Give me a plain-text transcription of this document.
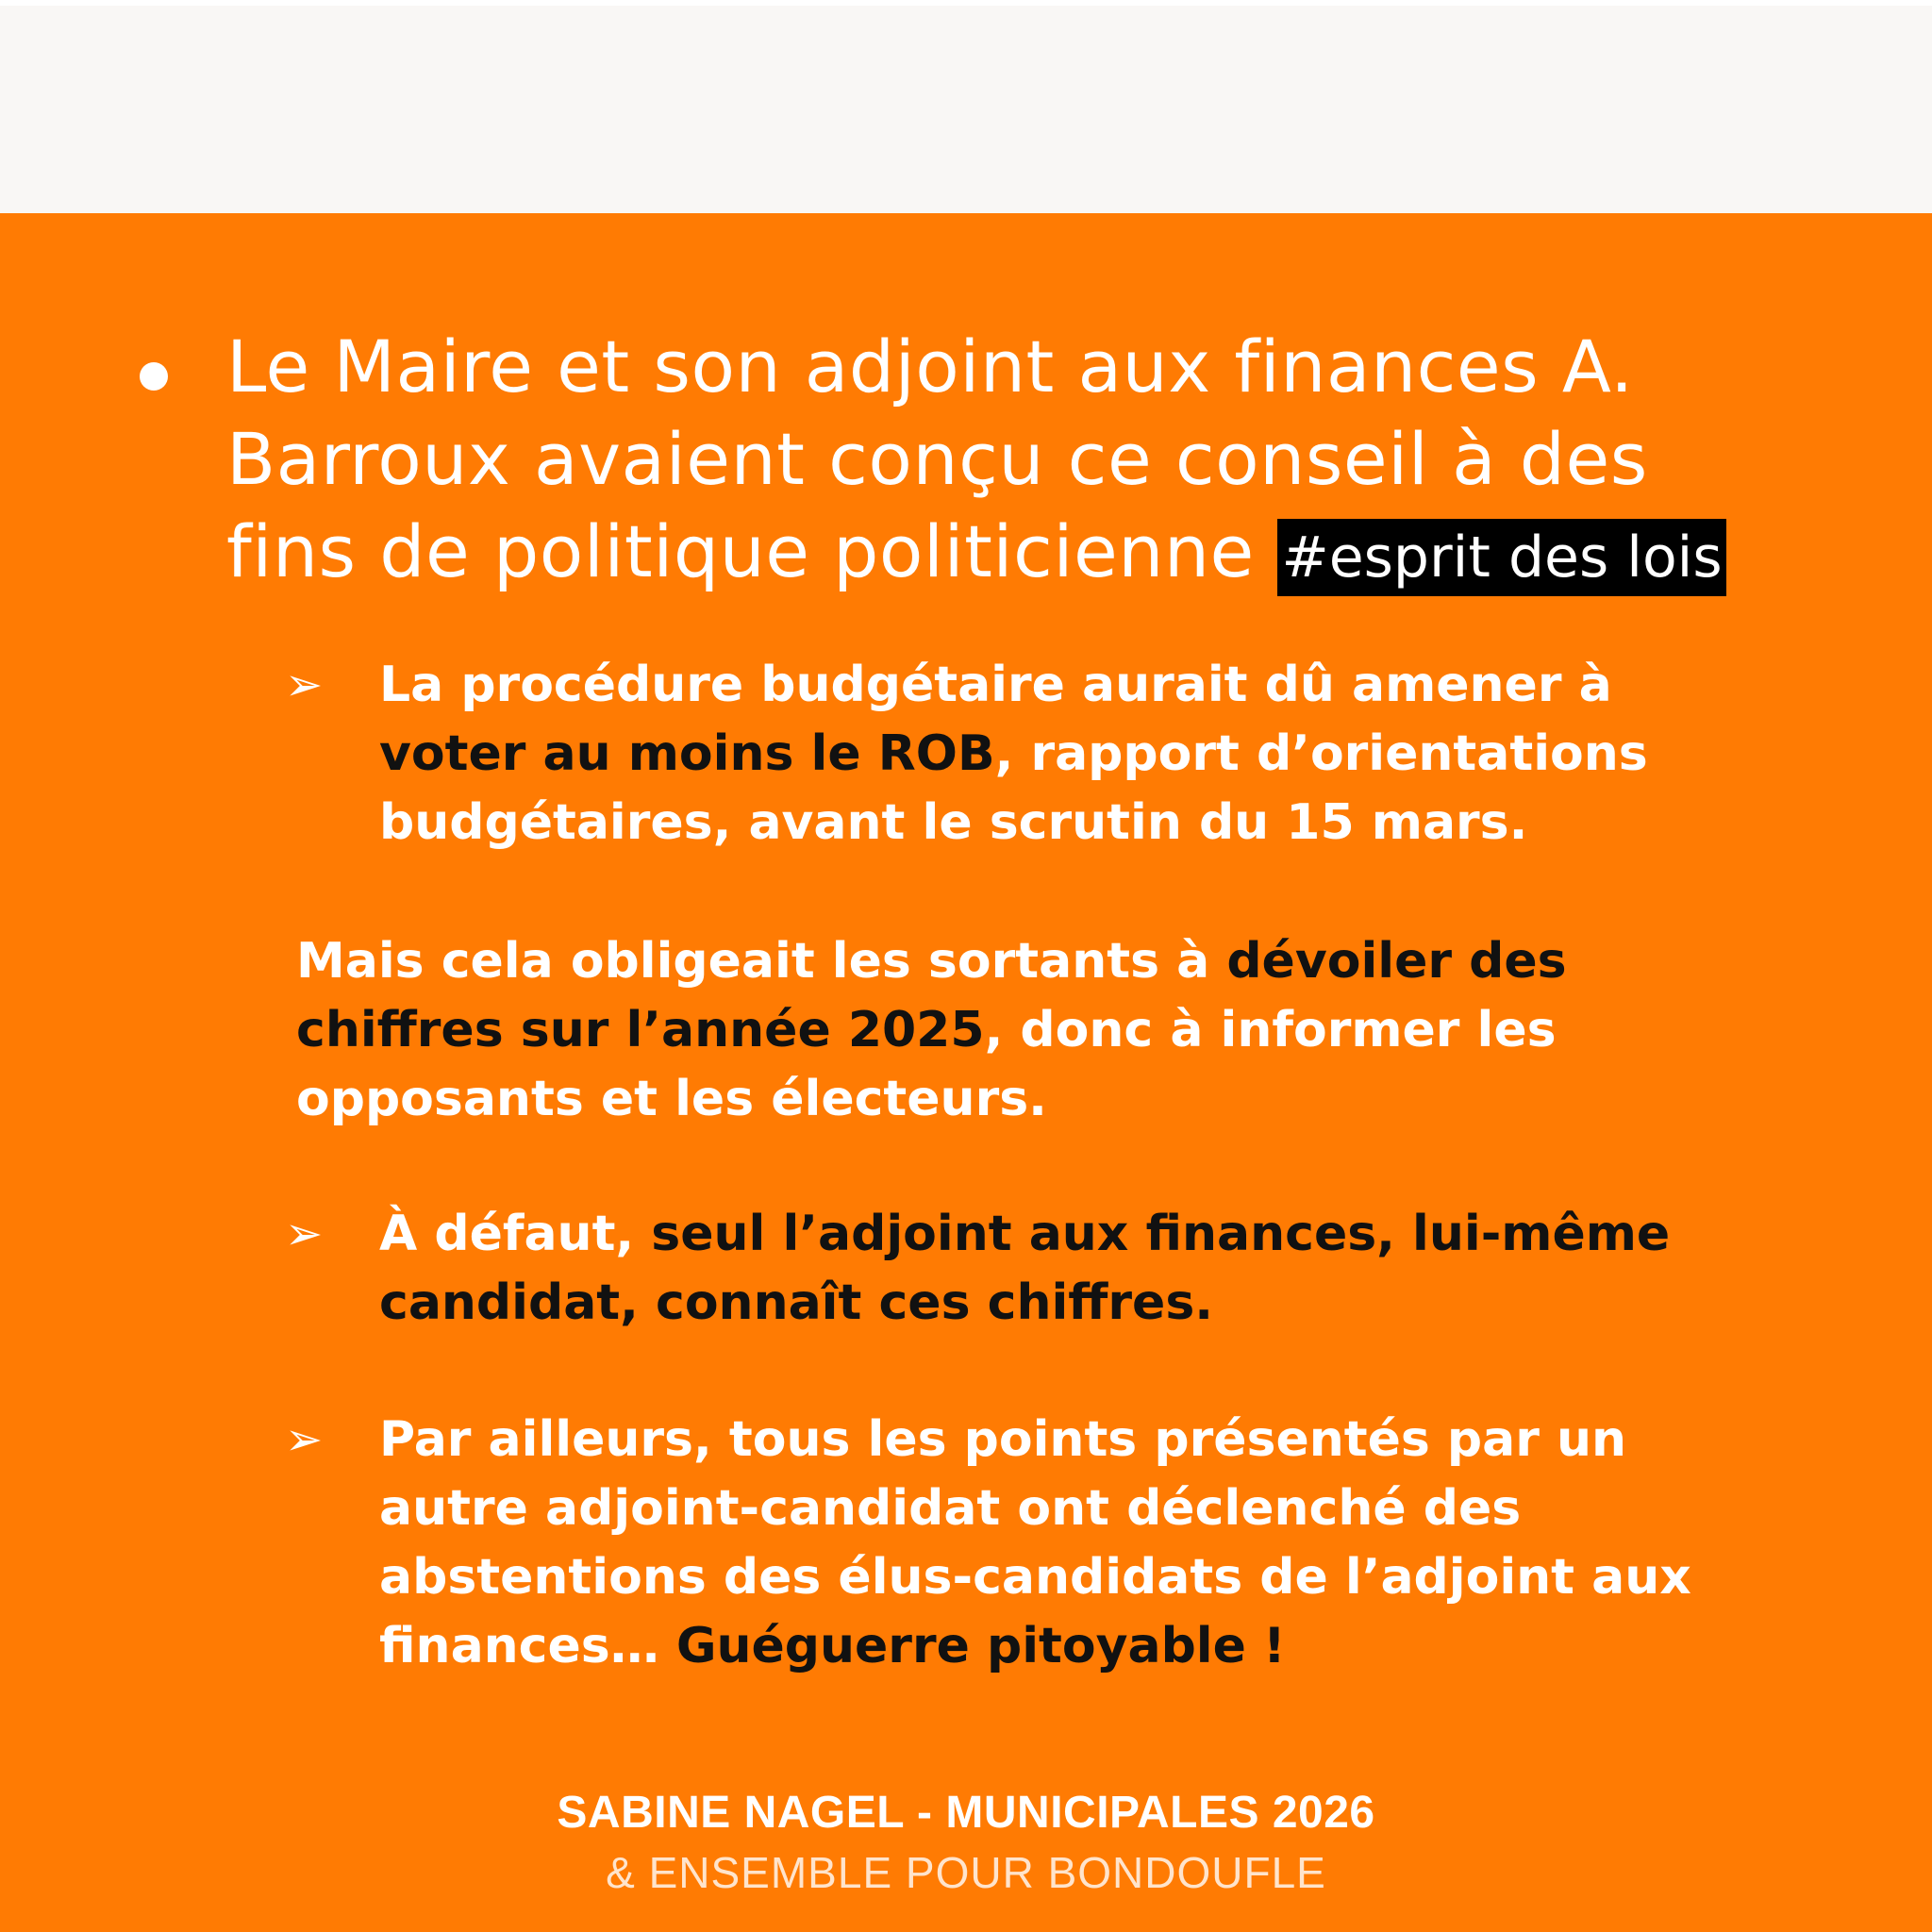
Le Maire et son adjoint aux finances A. Barroux avaient conçu ce conseil à des fins de politique politicienne #esprit des lois
➢	La procédure budgétaire aurait dû amener à voter au moins le ROB, rapport d’orientations budgétaires, avant le scrutin du 15 mars.
Mais cela obligeait les sortants à dévoiler des chiffres sur l’année 2025, donc à informer les opposants et les électeurs.
➢	À défaut, seul l’adjoint aux finances, lui-même candidat, connaît ces chiffres.
➢	Par ailleurs, tous les points présentés par un autre adjoint-candidat ont déclenché des abstentions des élus-candidats de l’adjoint aux finances… Guéguerre pitoyable !
SABINE NAGEL - MUNICIPALES 2026
& ENSEMBLE POUR BONDOUFLE
